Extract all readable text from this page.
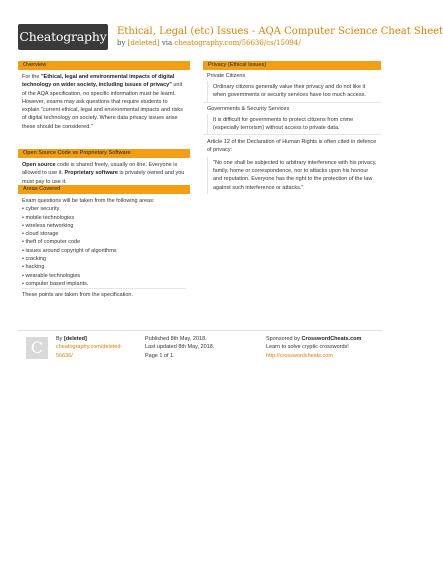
Cheatography Ethical, Legal (etc) Issues - AQA Computer Science Cheat Sheet
by [deleted] via cheatography.com/56636/cs/15094/
Overview

For the "Ethical, legal and environmental impacts of digital technology on wider society, including issues of privacy" unit of the AQA specification, no specific information must be learnt.

However, exams may ask questions that require students to explain "current ethical, legal and environmental impacts and risks of digital technology on society. Where data privacy issues arise these should be considered."

Open Source Code vs Proprietary Software

Open source code is shared freely, usually on line. Everyone is allowed to use it. Proprietary software is privately owned and you must pay to use it.

Areas Covered

Exam questions will be taken from the following areas:

• cyber security
• mobile technologies
• wireless networking
• cloud storage
• theft of computer code
• issues around copyright of algorithms
• cracking
• hacking
• wearable technologies
• computer based implants.

These points are taken from the specification.

Privacy (Ethical Issues)
Private Citizens
Ordinary citizens generally value their privacy and do not like it when governments or security services have too much access.
Governments & Security Services
It is difficult for governments to protect citizens from crime (especially terrorism) without access to private data.
Article 12 of the Declaration of Human Rights is often cited in defence of privacy:
"No one shall be subjected to arbitrary interference with his privacy, family, home or correspondence, nor to attacks upon his honour and reputation. Everyone has the right to the protection of the law against such interference or attacks."
C	By [deleted]
cheatography.com/deleted-56636/
Published 8th May, 2018.
Last updated 8th May, 2018.
Page 1 of 1.
Sponsored by CrosswordCheats.com
Learn to solve cryptic crosswords!
http://crosswordcheats.com
